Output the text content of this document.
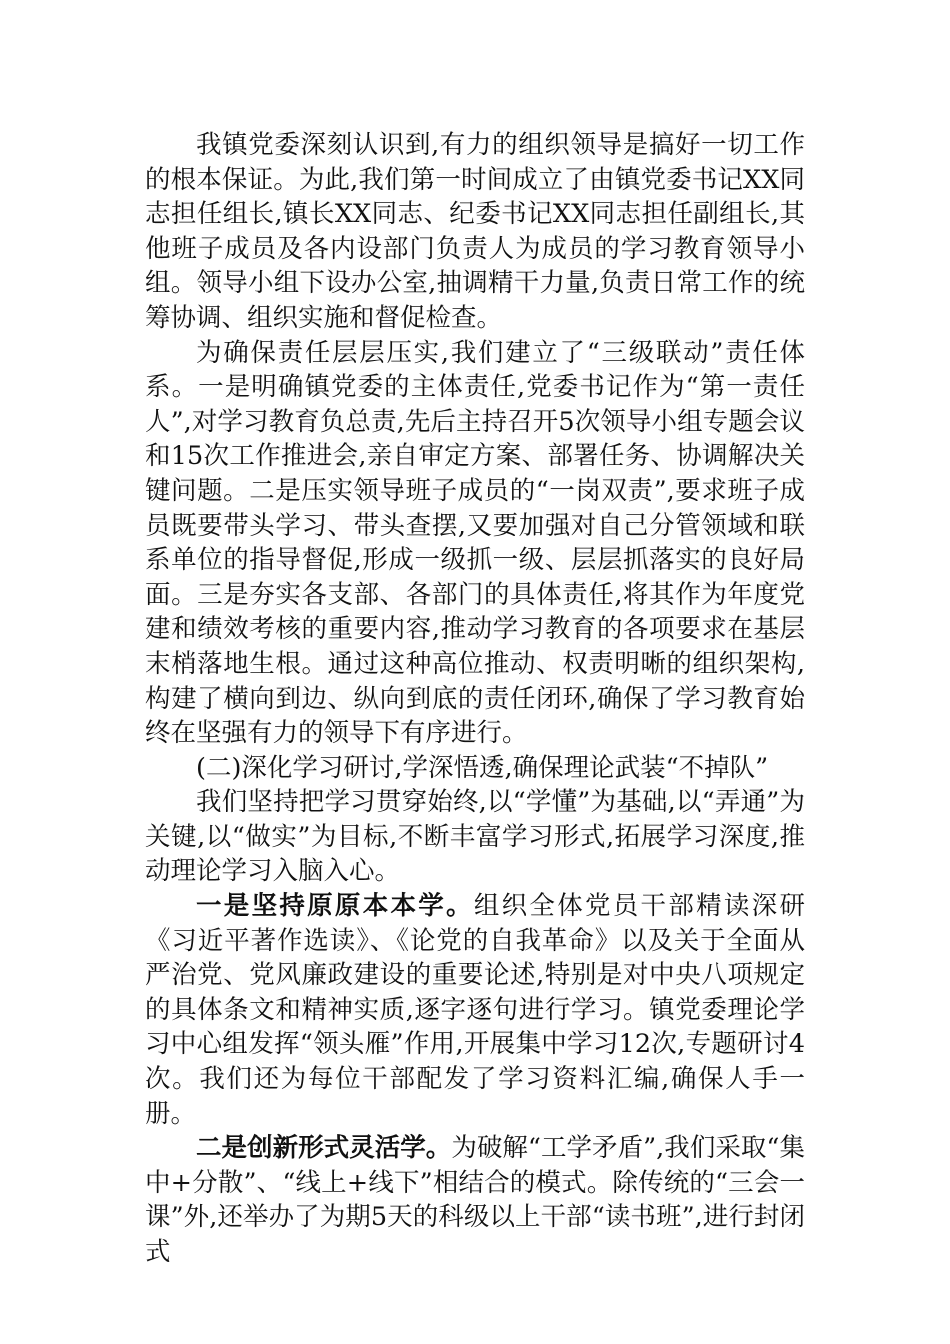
我镇党委深刻认识到,有力的组织领导是搞好一切工作的根本保证。为此,我们第一时间成立了由镇党委书记XX同志担任组长,镇长XX同志、纪委书记XX同志担任副组长,其他班子成员及各内设部门负责人为成员的学习教育领导小组。领导小组下设办公室,抽调精干力量,负责日常工作的统筹协调、组织实施和督促检查。

为确保责任层层压实,我们建立了“三级联动”责任体系。一是明确镇党委的主体责任,党委书记作为“第一责任人”,对学习教育负总责,先后主持召开5次领导小组专题会议和15次工作推进会,亲自审定方案、部署任务、协调解决关键问题。二是压实领导班子成员的“一岗双责”,要求班子成员既要带头学习、带头查摆,又要加强对自己分管领域和联系单位的指导督促,形成一级抓一级、层层抓落实的良好局面。三是夯实各支部、各部门的具体责任,将其作为年度党建和绩效考核的重要内容,推动学习教育的各项要求在基层末梢落地生根。通过这种高位推动、权责明晰的组织架构,构建了横向到边、纵向到底的责任闭环,确保了学习教育始终在坚强有力的领导下有序进行。

(二)深化学习研讨,学深悟透,确保理论武装“不掉队”

我们坚持把学习贯穿始终,以“学懂”为基础,以“弄通”为关键,以“做实”为目标,不断丰富学习形式,拓展学习深度,推动理论学习入脑入心。

一是坚持原原本本学。组织全体党员干部精读深研《习近平著作选读》、《论党的自我革命》以及关于全面从严治党、党风廉政建设的重要论述,特别是对中央八项规定的具体条文和精神实质,逐字逐句进行学习。镇党委理论学习中心组发挥“领头雁”作用,开展集中学习12次,专题研讨4次。我们还为每位干部配发了学习资料汇编,确保人手一册。

二是创新形式灵活学。为破解“工学矛盾”,我们采取“集中+分散”、“线上+线下”相结合的模式。除传统的“三会一课”外,还举办了为期5天的科级以上干部“读书班”,进行封闭式
